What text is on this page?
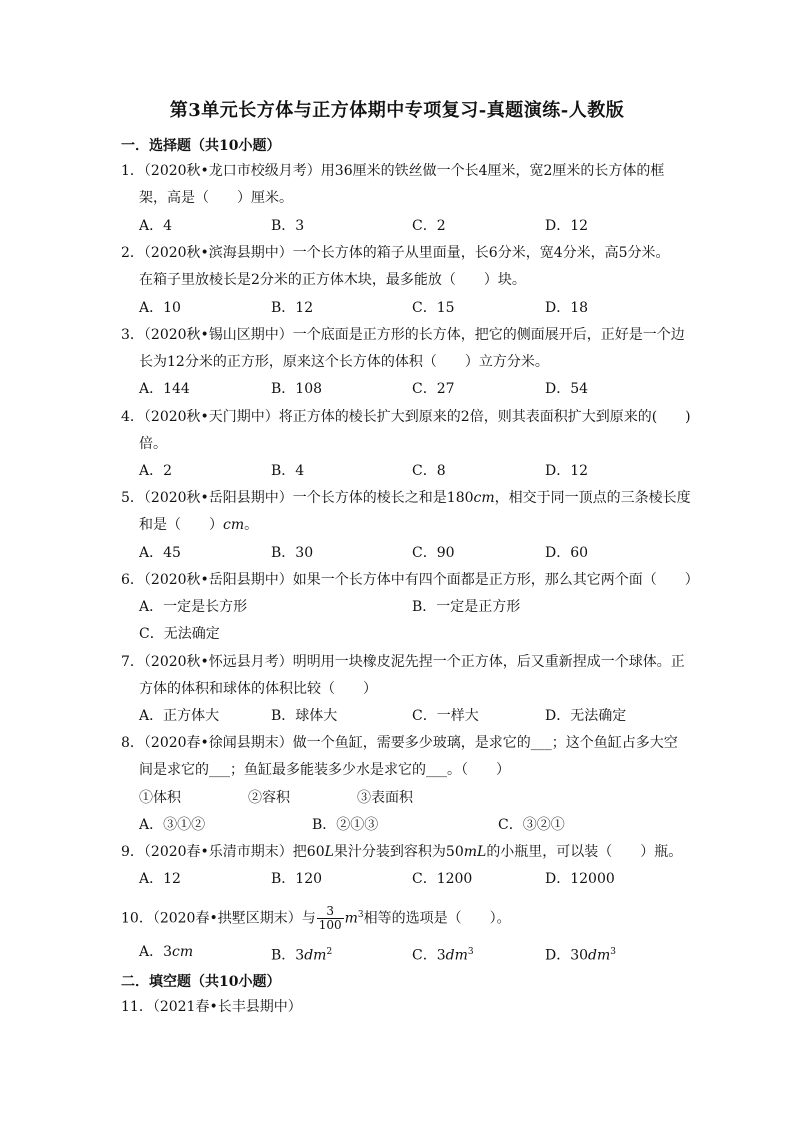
第3单元长方体与正方体期中专项复习-真题演练-人教版
一．选择题（共10小题）
1．（2020秋•龙口市校级月考）用36厘米的铁丝做一个长4厘米，宽2厘米的长方体的框
架，高是（　　）厘米。
A．4	B．3	C．2	D．12
2．（2020秋•滨海县期中）一个长方体的箱子从里面量，长6分米，宽4分米，高5分米。
在箱子里放棱长是2分米的正方体木块，最多能放（　　）块。
A．10	B．12	C．15	D．18
3．（2020秋•锡山区期中）一个底面是正方形的长方体，把它的侧面展开后，正好是一个边
长为12分米的正方形，原来这个长方体的体积（　　）立方分米。
A．144	B．108	C．27	D．54
4．（2020秋•天门期中）将正方体的棱长扩大到原来的2倍，则其表面积扩大到原来的(　　)
倍。
A．2	B．4	C．8	D．12
5．（2020秋•岳阳县期中）一个长方体的棱长之和是180cm，相交于同一顶点的三条棱长度
和是（　　）cm。
A．45	B．30	C．90	D．60
6．（2020秋•岳阳县期中）如果一个长方体中有四个面都是正方形，那么其它两个面（　　）
A．一定是长方形	B．一定是正方形
C．无法确定
7．（2020秋•怀远县月考）明明用一块橡皮泥先捏一个正方体，后又重新捏成一个球体。正
方体的体积和球体的体积比较（　　）
A．正方体大	B．球体大	C．一样大	D．无法确定
8．（2020春•徐闻县期末）做一个鱼缸，需要多少玻璃，是求它的___；这个鱼缸占多大空
间是求它的___；鱼缸最多能装多少水是求它的___。（　　）
①体积	②容积	③表面积
A．③①②	B．②①③	C．③②①
9．（2020春•乐清市期末）把60L果汁分装到容积为50mL的小瓶里，可以装（　　）瓶。
A．12	B．120	C．1200	D．12000
10．（2020春•拱墅区期末）与 $\frac{3}{100} m^3$相等的选项是（　　）。
A．3cm	B．$3dm^2$	C．$3dm^3$	D．$30dm^3$
二．填空题（共10小题）
11．（2021春•长丰县期中）
